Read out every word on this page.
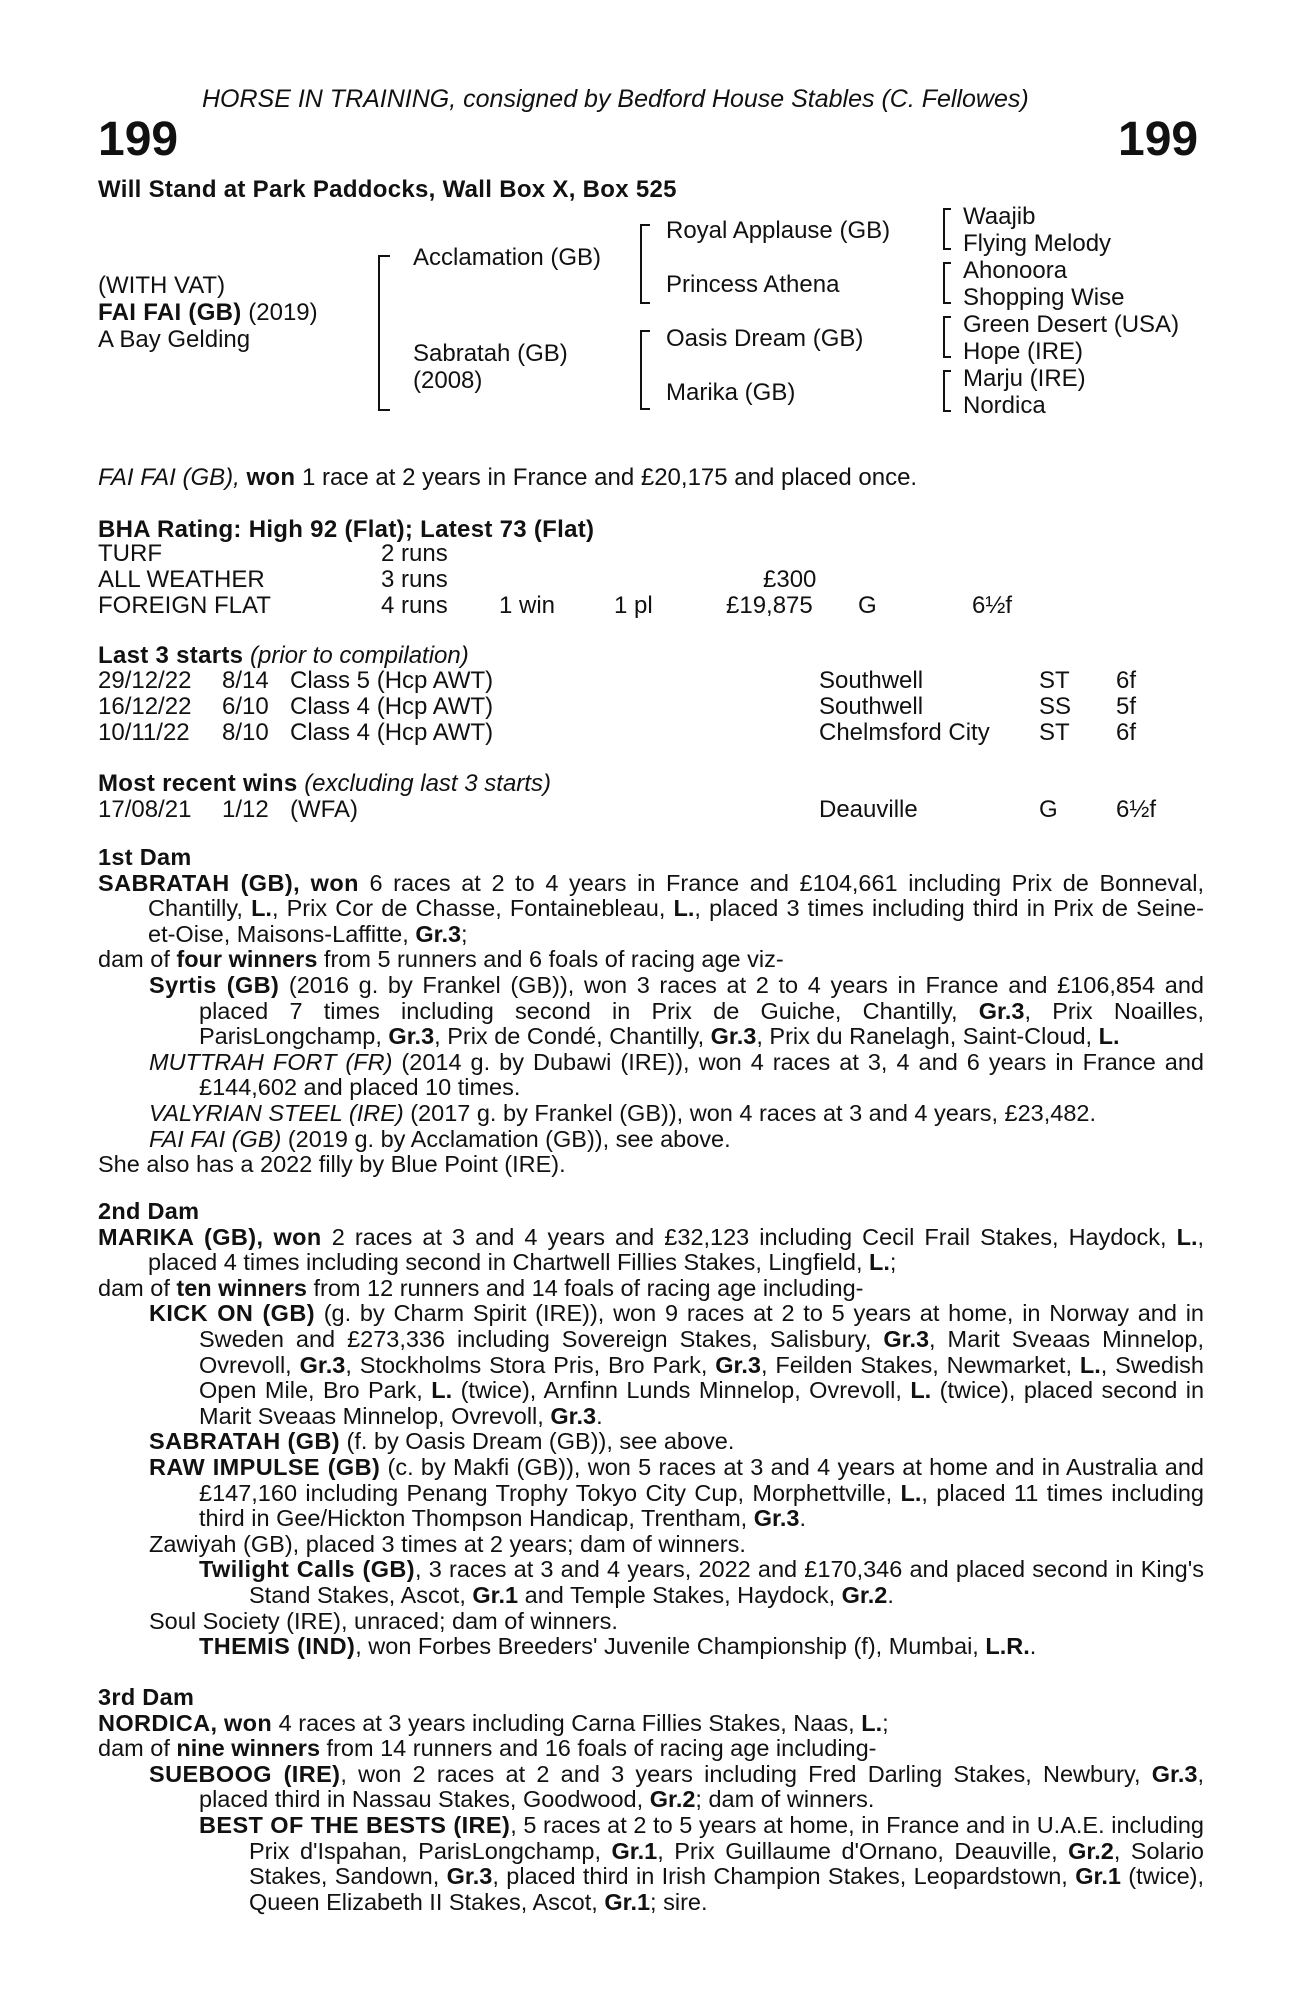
HORSE IN TRAINING, consigned by Bedford House Stables (C. Fellowes)
199	199
Will Stand at Park Paddocks, Wall Box X, Box 525
(WITH VAT)
FAI FAI (GB) (2019)
A Bay Gelding
Acclamation (GB)
Sabratah (GB)
(2008)
Royal Applause (GB)
Princess Athena
Oasis Dream (GB)
Marika (GB)
Waajib
Flying Melody
Ahonoora
Shopping Wise
Green Desert (USA)
Hope (IRE)
Marju (IRE)
Nordica
FAI FAI (GB), won 1 race at 2 years in France and £20,175 and placed once.
BHA Rating: High 92 (Flat); Latest 73 (Flat)
TURF	2 runs
ALL WEATHER	3 runs	£300
FOREIGN FLAT	4 runs 1 win 1 pl	£19,875 G	6½f
Last 3 starts (prior to compilation)
29/12/22 8/14 Class 5 (Hcp AWT)	Southwell	ST 6f
16/12/22 6/10 Class 4 (Hcp AWT)	Southwell	SS 5f
10/11/22 8/10 Class 4 (Hcp AWT)	Chelmsford City ST 6f
Most recent wins (excluding last 3 starts)
17/08/21 1/12 (WFA)	Deauville	G 6½f
1st Dam
SABRATAH (GB), won 6 races at 2 to 4 years in France and £104,661 including Prix de Bonneval, Chantilly, L., Prix Cor de Chasse, Fontainebleau, L., placed 3 times including third in Prix de Seine-et-Oise, Maisons-Laffitte, Gr.3;
dam of four winners from 5 runners and 6 foals of racing age viz-
Syrtis (GB) (2016 g. by Frankel (GB)), won 3 races at 2 to 4 years in France and £106,854 and placed 7 times including second in Prix de Guiche, Chantilly, Gr.3, Prix Noailles, ParisLongchamp, Gr.3, Prix de Condé, Chantilly, Gr.3, Prix du Ranelagh, Saint-Cloud, L.
MUTTRAH FORT (FR) (2014 g. by Dubawi (IRE)), won 4 races at 3, 4 and 6 years in France and £144,602 and placed 10 times.
VALYRIAN STEEL (IRE) (2017 g. by Frankel (GB)), won 4 races at 3 and 4 years, £23,482.
FAI FAI (GB) (2019 g. by Acclamation (GB)), see above.
She also has a 2022 filly by Blue Point (IRE).
2nd Dam
MARIKA (GB), won 2 races at 3 and 4 years and £32,123 including Cecil Frail Stakes, Haydock, L., placed 4 times including second in Chartwell Fillies Stakes, Lingfield, L.;
dam of ten winners from 12 runners and 14 foals of racing age including-
KICK ON (GB) (g. by Charm Spirit (IRE)), won 9 races at 2 to 5 years at home, in Norway and in Sweden and £273,336 including Sovereign Stakes, Salisbury, Gr.3, Marit Sveaas Minnelop, Ovrevoll, Gr.3, Stockholms Stora Pris, Bro Park, Gr.3, Feilden Stakes, Newmarket, L., Swedish Open Mile, Bro Park, L. (twice), Arnfinn Lunds Minnelop, Ovrevoll, L. (twice), placed second in Marit Sveaas Minnelop, Ovrevoll, Gr.3.
SABRATAH (GB) (f. by Oasis Dream (GB)), see above.
RAW IMPULSE (GB) (c. by Makfi (GB)), won 5 races at 3 and 4 years at home and in Australia and £147,160 including Penang Trophy Tokyo City Cup, Morphettville, L., placed 11 times including third in Gee/Hickton Thompson Handicap, Trentham, Gr.3.
Zawiyah (GB), placed 3 times at 2 years; dam of winners.
Twilight Calls (GB), 3 races at 3 and 4 years, 2022 and £170,346 and placed second in King's Stand Stakes, Ascot, Gr.1 and Temple Stakes, Haydock, Gr.2.
Soul Society (IRE), unraced; dam of winners.
THEMIS (IND), won Forbes Breeders' Juvenile Championship (f), Mumbai, L.R..
3rd Dam
NORDICA, won 4 races at 3 years including Carna Fillies Stakes, Naas, L.;
dam of nine winners from 14 runners and 16 foals of racing age including-
SUEBOOG (IRE), won 2 races at 2 and 3 years including Fred Darling Stakes, Newbury, Gr.3, placed third in Nassau Stakes, Goodwood, Gr.2; dam of winners.
BEST OF THE BESTS (IRE), 5 races at 2 to 5 years at home, in France and in U.A.E. including Prix d'Ispahan, ParisLongchamp, Gr.1, Prix Guillaume d'Ornano, Deauville, Gr.2, Solario Stakes, Sandown, Gr.3, placed third in Irish Champion Stakes, Leopardstown, Gr.1 (twice), Queen Elizabeth II Stakes, Ascot, Gr.1; sire.
